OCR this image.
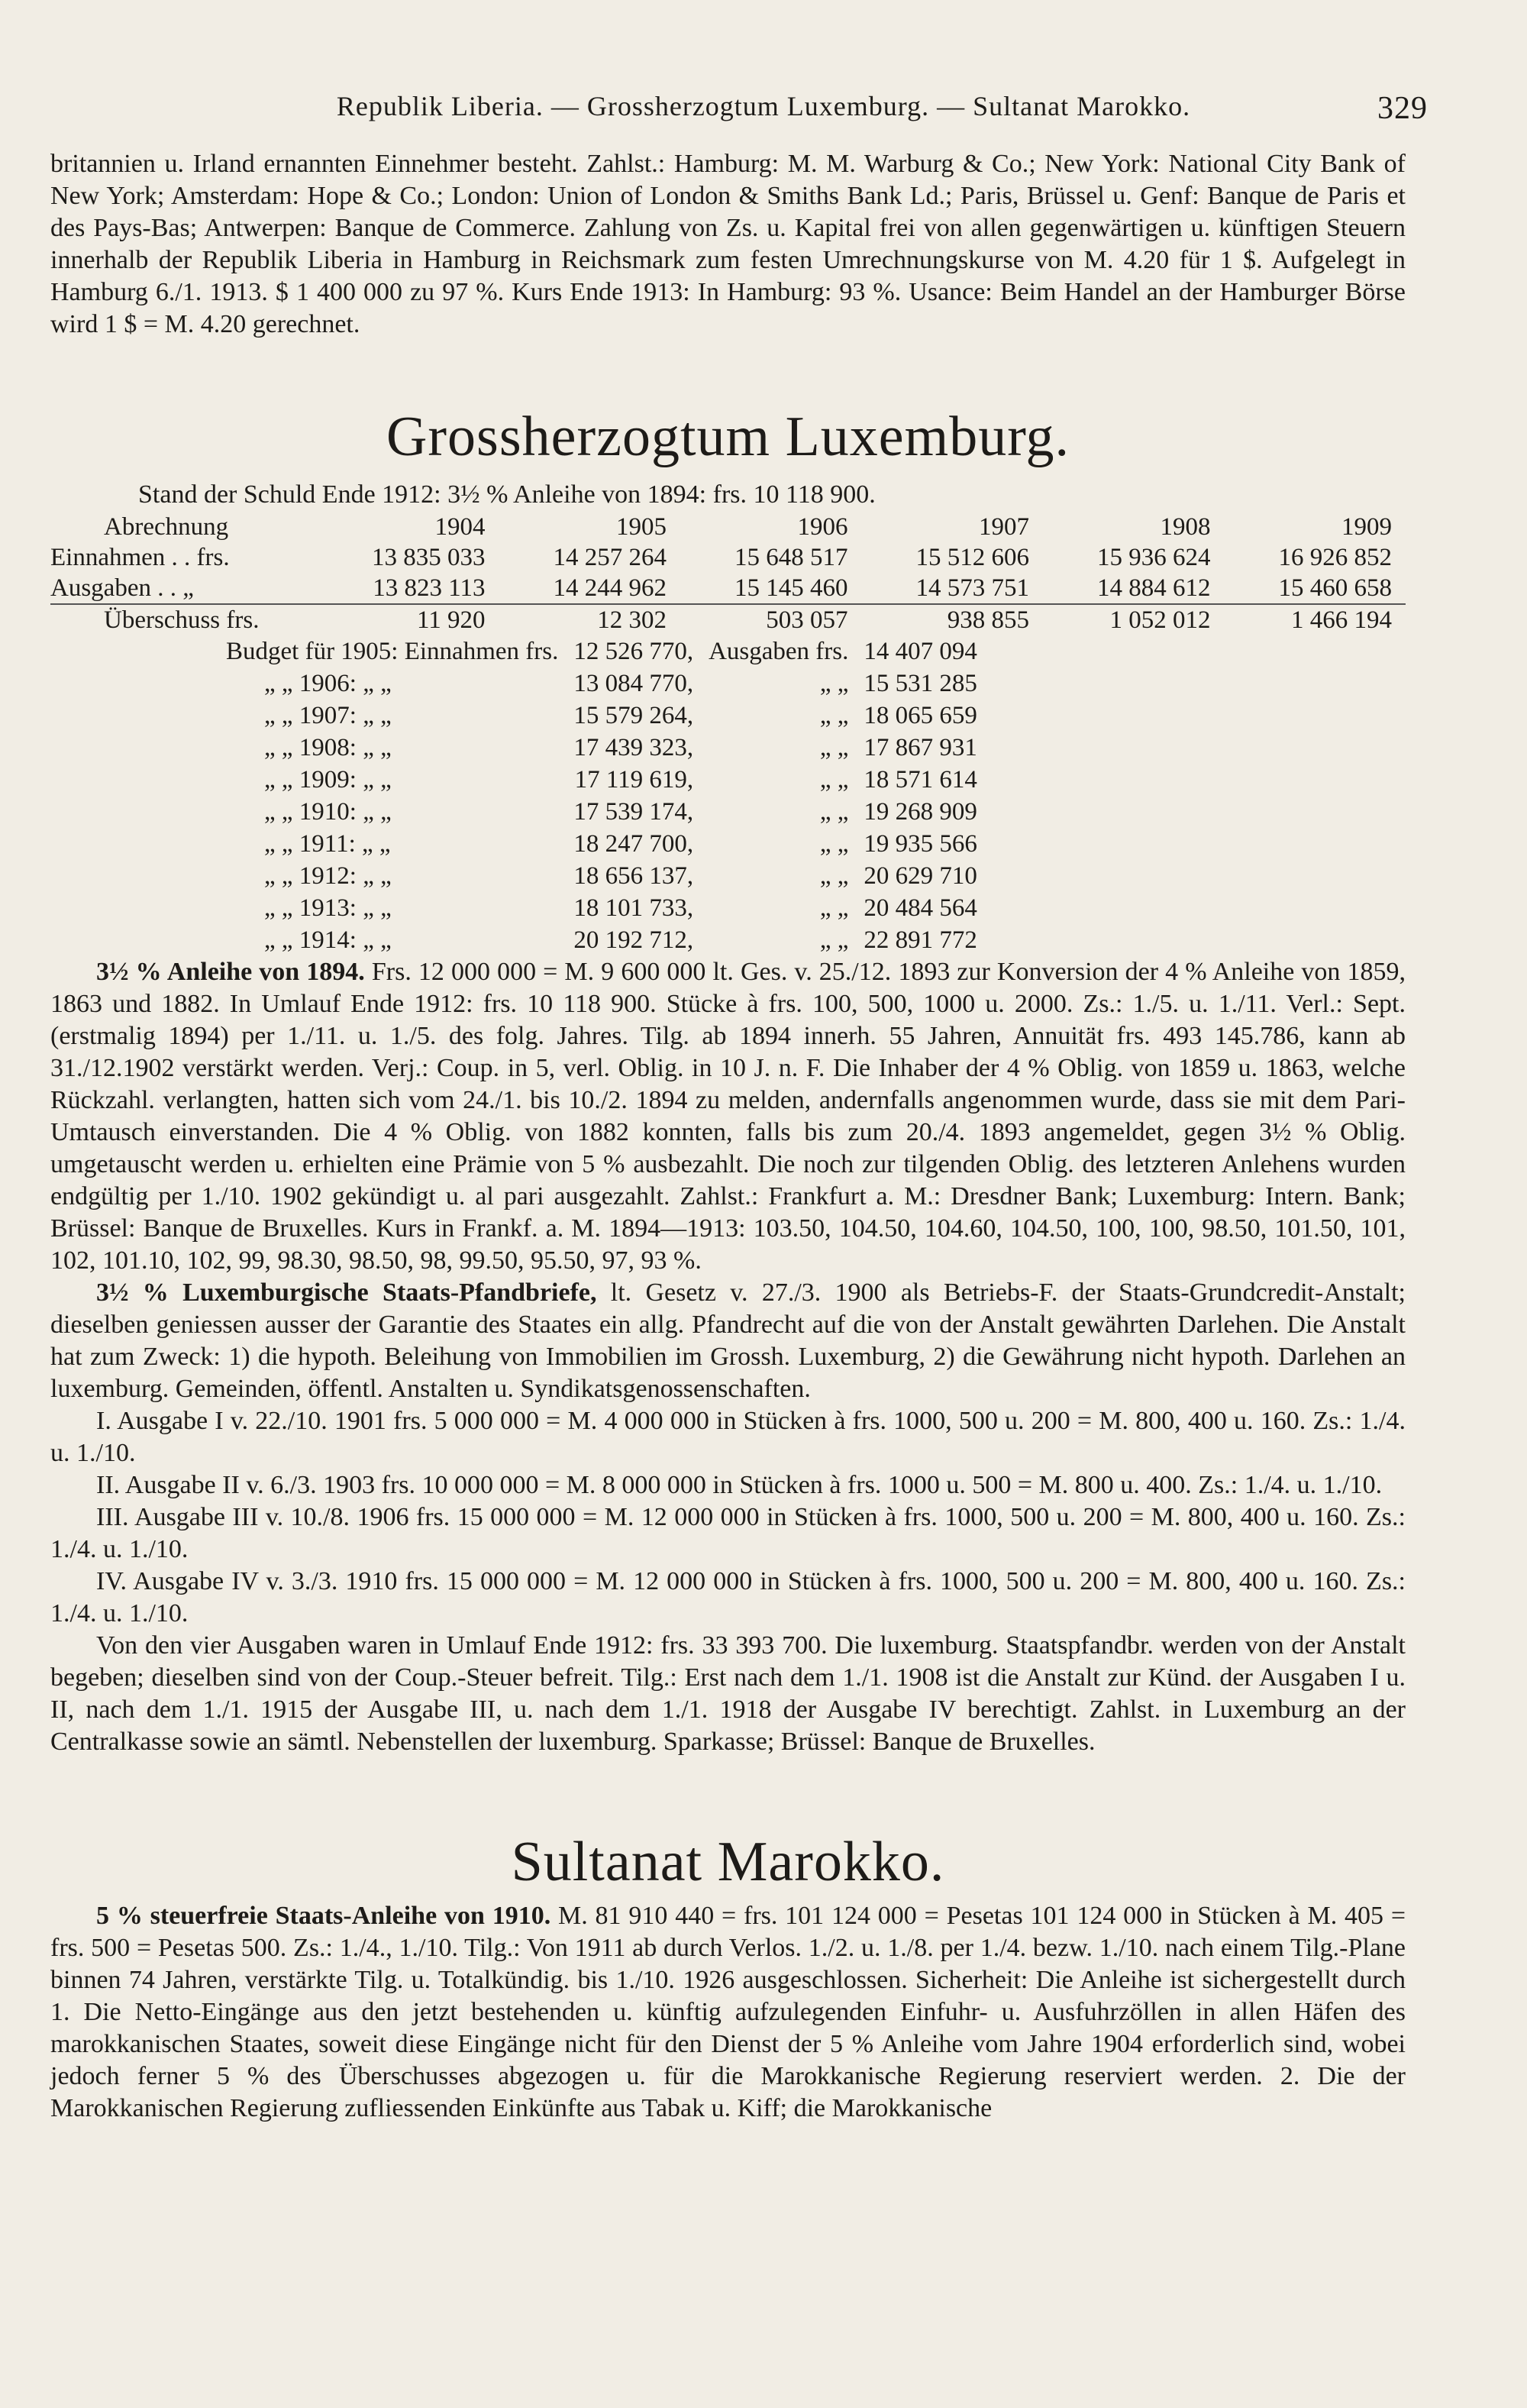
Republik Liberia. — Grossherzogtum Luxemburg. — Sultanat Marokko.	329

britannien u. Irland ernannten Einnehmer besteht. Zahlst.: Hamburg: M. M. Warburg & Co.; New York: National City Bank of New York; Amsterdam: Hope & Co.; London: Union of London & Smiths Bank Ld.; Paris, Brüssel u. Genf: Banque de Paris et des Pays-Bas; Antwerpen: Banque de Commerce. Zahlung von Zs. u. Kapital frei von allen gegenwärtigen u. künftigen Steuern innerhalb der Republik Liberia in Hamburg in Reichsmark zum festen Umrechnungskurse von M. 4.20 für 1 $. Aufgelegt in Hamburg 6./1. 1913. $ 1 400 000 zu 97 %. Kurs Ende 1913: In Hamburg: 93 %. Usance: Beim Handel an der Hamburger Börse wird 1 $ = M. 4.20 gerechnet.

Grossherzogtum Luxemburg.
Stand der Schuld Ende 1912: 3½ % Anleihe von 1894: frs. 10 118 900.
Abrechnung	1904	1905	1906	1907	1908	1909
Einnahmen . . frs.	13 835 033	14 257 264	15 648 517	15 512 606	15 936 624	16 926 852
Ausgaben . . „	13 823 113	14 244 962	15 145 460	14 573 751	14 884 612	15 460 658
Überschuss frs.	11 920	12 302	503 057	938 855	1 052 012	1 466 194
Budget für 1905: Einnahmen frs.	12 526 770,	Ausgaben frs.	14 407 094
„ „ 1906: „ „	13 084 770,	„ „	15 531 285
„ „ 1907: „ „	15 579 264,	„ „	18 065 659
„ „ 1908: „ „	17 439 323,	„ „	17 867 931
„ „ 1909: „ „	17 119 619,	„ „	18 571 614
„ „ 1910: „ „	17 539 174,	„ „	19 268 909
„ „ 1911: „ „	18 247 700,	„ „	19 935 566
„ „ 1912: „ „	18 656 137,	„ „	20 629 710
„ „ 1913: „ „	18 101 733,	„ „	20 484 564
„ „ 1914: „ „	20 192 712,	„ „	22 891 772

3½ % Anleihe von 1894. Frs. 12 000 000 = M. 9 600 000 lt. Ges. v. 25./12. 1893 zur Konversion der 4 % Anleihe von 1859, 1863 und 1882. In Umlauf Ende 1912: frs. 10 118 900. Stücke à frs. 100, 500, 1000 u. 2000. Zs.: 1./5. u. 1./11. Verl.: Sept. (erstmalig 1894) per 1./11. u. 1./5. des folg. Jahres. Tilg. ab 1894 innerh. 55 Jahren, Annuität frs. 493 145.786, kann ab 31./12.1902 verstärkt werden. Verj.: Coup. in 5, verl. Oblig. in 10 J. n. F. Die Inhaber der 4 % Oblig. von 1859 u. 1863, welche Rückzahl. verlangten, hatten sich vom 24./1. bis 10./2. 1894 zu melden, andernfalls angenommen wurde, dass sie mit dem Pari-Umtausch einverstanden. Die 4 % Oblig. von 1882 konnten, falls bis zum 20./4. 1893 angemeldet, gegen 3½ % Oblig. umgetauscht werden u. erhielten eine Prämie von 5 % ausbezahlt. Die noch zur tilgenden Oblig. des letzteren Anlehens wurden endgültig per 1./10. 1902 gekündigt u. al pari ausgezahlt. Zahlst.: Frankfurt a. M.: Dresdner Bank; Luxemburg: Intern. Bank; Brüssel: Banque de Bruxelles. Kurs in Frankf. a. M. 1894—1913: 103.50, 104.50, 104.60, 104.50, 100, 100, 98.50, 101.50, 101, 102, 101.10, 102, 99, 98.30, 98.50, 98, 99.50, 95.50, 97, 93 %.

3½ % Luxemburgische Staats-Pfandbriefe, lt. Gesetz v. 27./3. 1900 als Betriebs-F. der Staats-Grundcredit-Anstalt; dieselben geniessen ausser der Garantie des Staates ein allg. Pfandrecht auf die von der Anstalt gewährten Darlehen. Die Anstalt hat zum Zweck: 1) die hypoth. Beleihung von Immobilien im Grossh. Luxemburg, 2) die Gewährung nicht hypoth. Darlehen an luxemburg. Gemeinden, öffentl. Anstalten u. Syndikatsgenossenschaften.

I. Ausgabe I v. 22./10. 1901 frs. 5 000 000 = M. 4 000 000 in Stücken à frs. 1000, 500 u. 200 = M. 800, 400 u. 160. Zs.: 1./4. u. 1./10.

II. Ausgabe II v. 6./3. 1903 frs. 10 000 000 = M. 8 000 000 in Stücken à frs. 1000 u. 500 = M. 800 u. 400. Zs.: 1./4. u. 1./10.

III. Ausgabe III v. 10./8. 1906 frs. 15 000 000 = M. 12 000 000 in Stücken à frs. 1000, 500 u. 200 = M. 800, 400 u. 160. Zs.: 1./4. u. 1./10.

IV. Ausgabe IV v. 3./3. 1910 frs. 15 000 000 = M. 12 000 000 in Stücken à frs. 1000, 500 u. 200 = M. 800, 400 u. 160. Zs.: 1./4. u. 1./10.

Von den vier Ausgaben waren in Umlauf Ende 1912: frs. 33 393 700. Die luxemburg. Staatspfandbr. werden von der Anstalt begeben; dieselben sind von der Coup.-Steuer befreit. Tilg.: Erst nach dem 1./1. 1908 ist die Anstalt zur Künd. der Ausgaben I u. II, nach dem 1./1. 1915 der Ausgabe III, u. nach dem 1./1. 1918 der Ausgabe IV berechtigt. Zahlst. in Luxemburg an der Centralkasse sowie an sämtl. Nebenstellen der luxemburg. Sparkasse; Brüssel: Banque de Bruxelles.

Sultanat Marokko.

5 % steuerfreie Staats-Anleihe von 1910. M. 81 910 440 = frs. 101 124 000 = Pesetas 101 124 000 in Stücken à M. 405 = frs. 500 = Pesetas 500. Zs.: 1./4., 1./10. Tilg.: Von 1911 ab durch Verlos. 1./2. u. 1./8. per 1./4. bezw. 1./10. nach einem Tilg.-Plane binnen 74 Jahren, verstärkte Tilg. u. Totalkündig. bis 1./10. 1926 ausgeschlossen. Sicherheit: Die Anleihe ist sichergestellt durch 1. Die Netto-Eingänge aus den jetzt bestehenden u. künftig aufzulegenden Einfuhr- u. Ausfuhrzöllen in allen Häfen des marokkanischen Staates, soweit diese Eingänge nicht für den Dienst der 5 % Anleihe vom Jahre 1904 erforderlich sind, wobei jedoch ferner 5 % des Überschusses abgezogen u. für die Marokkanische Regierung reserviert werden. 2. Die der Marokkanischen Regierung zufliessenden Einkünfte aus Tabak u. Kiff; die Marokkanische
